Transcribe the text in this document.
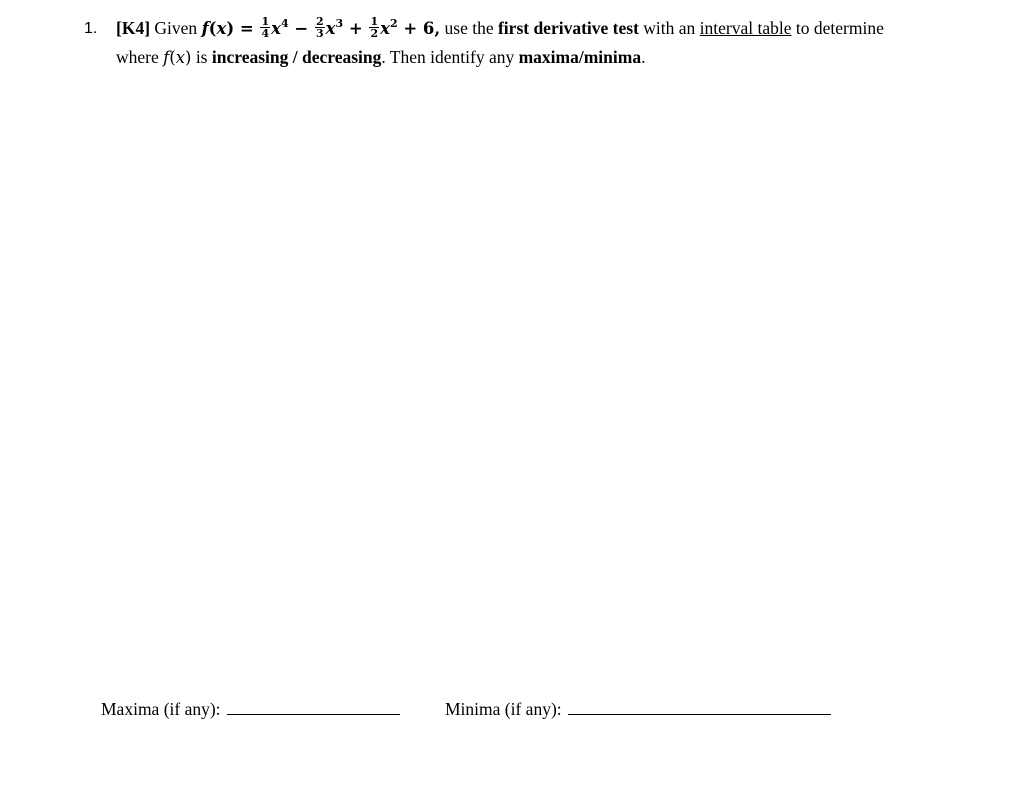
1. [K4] Given $f(x) = \frac{1}{4} x^4 - \frac{2}{3} x^3 + \frac{1}{2} x^2 + 6$, use the first derivative test with an interval table to determine
where f(x) is increasing / decreasing. Then identify any maxima/minima.
Maxima (if any):	Minima (if any):
